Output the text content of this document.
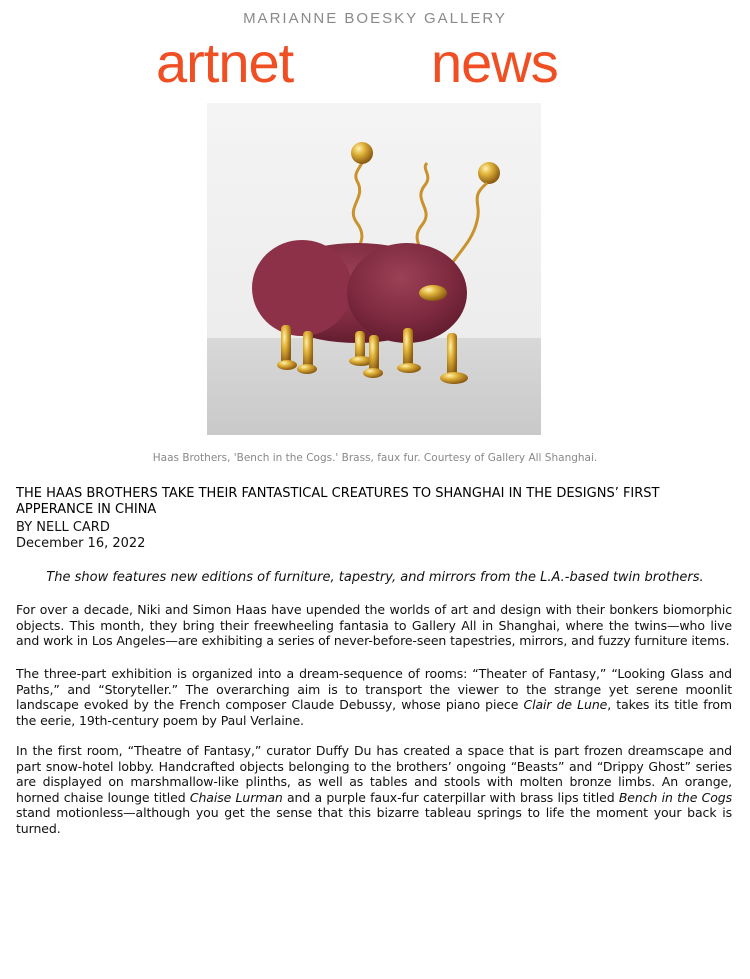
MARIANNE BOESKY GALLERY
artnet news
Haas Brothers, 'Bench in the Cogs.' Brass, faux fur. Courtesy of Gallery All Shanghai.
THE HAAS BROTHERS TAKE THEIR FANTASTICAL CREATURES TO SHANGHAI IN THE DESIGNS’ FIRST APPERANCE IN CHINA
BY NELL CARD
December 16, 2022
The show features new editions of furniture, tapestry, and mirrors from the L.A.-based twin brothers.
For over a decade, Niki and Simon Haas have upended the worlds of art and design with their bonkers biomorphic objects. This month, they bring their freewheeling fantasia to Gallery All in Shanghai, where the twins—who live and work in Los Angeles—are exhibiting a series of never-before-seen tapestries, mirrors, and fuzzy furniture items.
The three-part exhibition is organized into a dream-sequence of rooms: “Theater of Fantasy,” “Looking Glass and Paths,” and “Storyteller.” The overarching aim is to transport the viewer to the strange yet serene moonlit landscape evoked by the French composer Claude Debussy, whose piano piece Clair de Lune, takes its title from the eerie, 19th-century poem by Paul Verlaine.
In the first room, “Theatre of Fantasy,” curator Duffy Du has created a space that is part frozen dreamscape and part snow-hotel lobby. Handcrafted objects belonging to the brothers’ ongoing “Beasts” and “Drippy Ghost” series are displayed on marshmallow-like plinths, as well as tables and stools with molten bronze limbs. An orange, horned chaise lounge titled Chaise Lurman and a purple faux-fur caterpillar with brass lips titled Bench in the Cogs stand motionless—although you get the sense that this bizarre tableau springs to life the moment your back is turned.
